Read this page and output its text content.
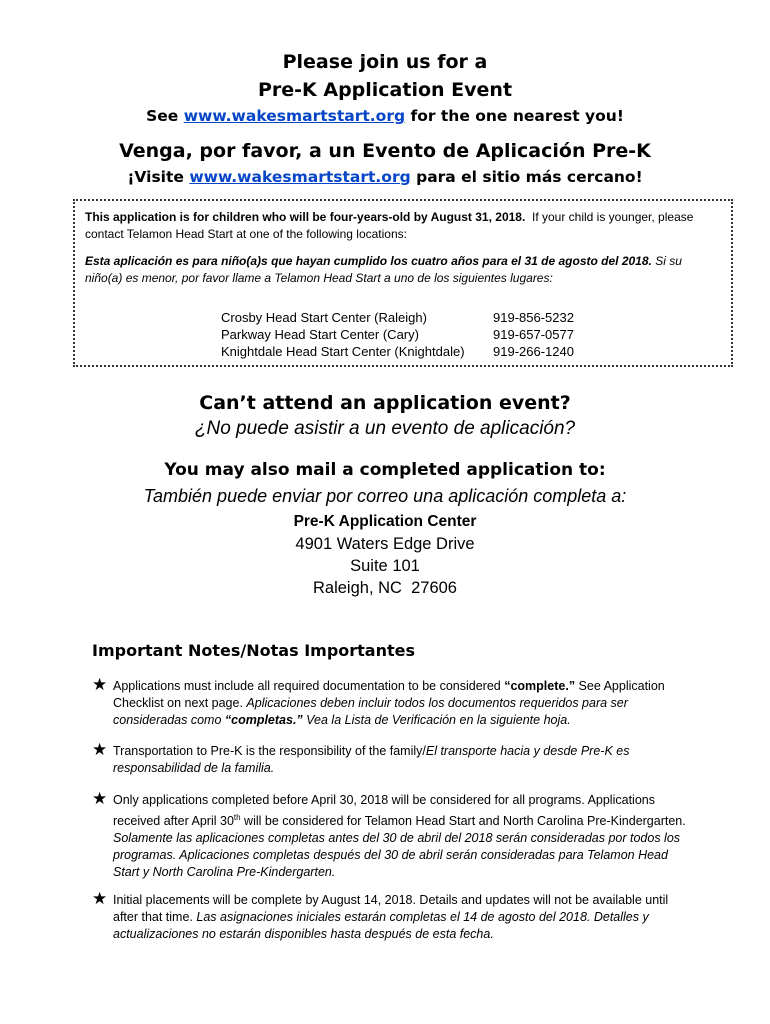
Please join us for a
Pre-K Application Event
See www.wakesmartstart.org for the one nearest you!
Venga, por favor, a un Evento de Aplicación Pre-K
¡Visite www.wakesmartstart.org para el sitio más cercano!

This application is for children who will be four-years-old by August 31, 2018. If your child is younger, please contact Telamon Head Start at one of the following locations:

Esta aplicación es para niño(a)s que hayan cumplido los cuatro años para el 31 de agosto del 2018. Si su niño(a) es menor, por favor llame a Telamon Head Start a uno de los siguientes lugares:

Crosby Head Start Center (Raleigh)	919-856-5232
Parkway Head Start Center (Cary)	919-657-0577
Knightdale Head Start Center (Knightdale)	919-266-1240
Can’t attend an application event?
¿No puede asistir a un evento de aplicación?
You may also mail a completed application to:
También puede enviar por correo una aplicación completa a:
Pre-K Application Center
4901 Waters Edge Drive
Suite 101
Raleigh, NC  27606
Important Notes/Notas Importantes
★ Applications must include all required documentation to be considered “complete.” See Application Checklist on next page. Aplicaciones deben incluir todos los documentos requeridos para ser consideradas como “completas.” Vea la Lista de Verificación en la siguiente hoja.
★ Transportation to Pre-K is the responsibility of the family/El transporte hacia y desde Pre-K es responsabilidad de la familia.
★ Only applications completed before April 30, 2018 will be considered for all programs. Applications received after April 30th will be considered for Telamon Head Start and North Carolina Pre-Kindergarten. Solamente las aplicaciones completas antes del 30 de abril del 2018 serán consideradas por todos los programas. Aplicaciones completas después del 30 de abril serán consideradas para Telamon Head Start y North Carolina Pre-Kindergarten.
★ Initial placements will be complete by August 14, 2018. Details and updates will not be available until after that time. Las asignaciones iniciales estarán completas el 14 de agosto del 2018. Detalles y actualizaciones no estarán disponibles hasta después de esta fecha.
